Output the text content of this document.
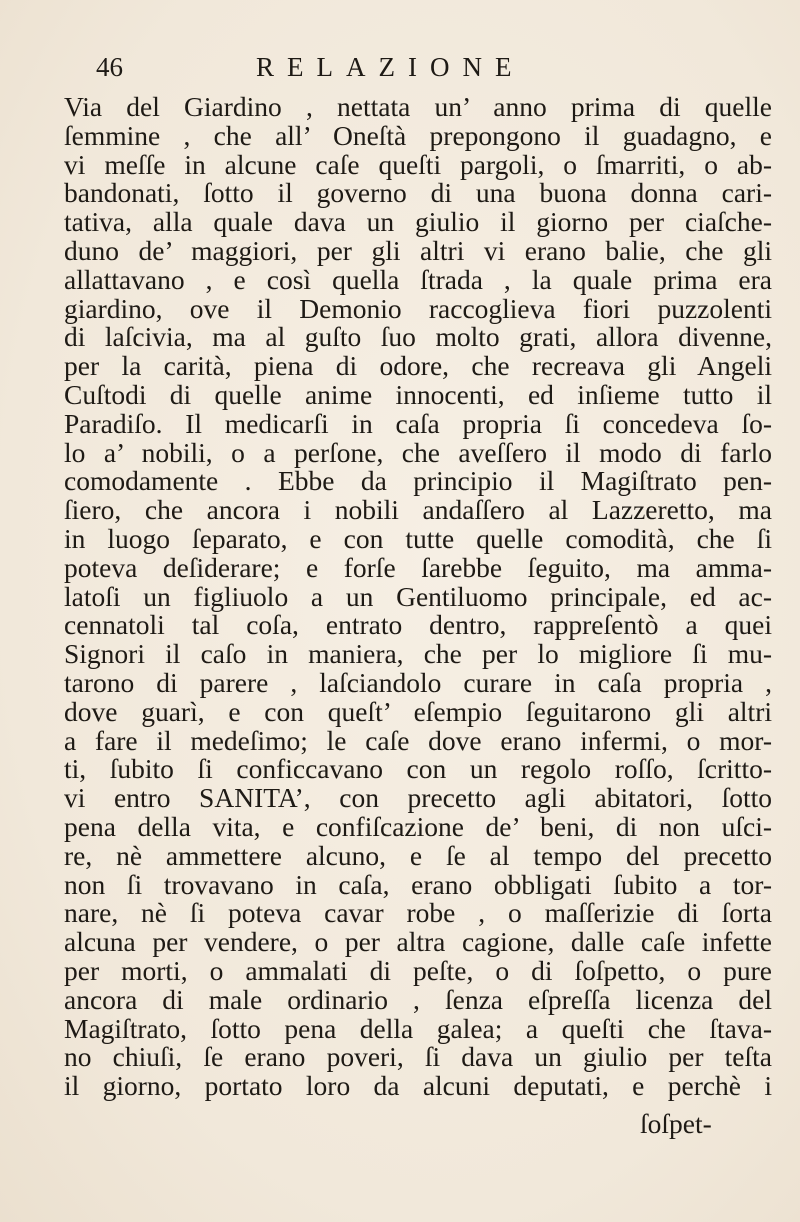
46	RELAZIONE
Via del Giardino , nettata un’ anno prima di quelle
ſemmine , che all’ Oneſtà prepongono il guadagno, e
vi meſſe in alcune caſe queſti pargoli, o ſmarriti, o ab-
bandonati, ſotto il governo di una buona donna cari-
tativa, alla quale dava un giulio il giorno per ciaſche-
duno de’ maggiori, per gli altri vi erano balie, che gli
allattavano , e così quella ſtrada , la quale prima era
giardino, ove il Demonio raccoglieva fiori puzzolenti
di laſcivia, ma al guſto ſuo molto grati, allora divenne,
per la carità, piena di odore, che recreava gli Angeli
Cuſtodi di quelle anime innocenti, ed inſieme tutto il
Paradiſo. Il medicarſi in caſa propria ſi concedeva ſo-
lo a’ nobili, o a perſone, che aveſſero il modo di farlo
comodamente . Ebbe da principio il Magiſtrato pen-
ſiero, che ancora i nobili andaſſero al Lazzeretto, ma
in luogo ſeparato, e con tutte quelle comodità, che ſi
poteva deſiderare; e forſe ſarebbe ſeguito, ma amma-
latoſi un figliuolo a un Gentiluomo principale, ed ac-
cennatoli tal coſa, entrato dentro, rappreſentò a quei
Signori il caſo in maniera, che per lo migliore ſi mu-
tarono di parere , laſciandolo curare in caſa propria ,
dove guarì, e con queſt’ eſempio ſeguitarono gli altri
a fare il medeſimo; le caſe dove erano infermi, o mor-
ti, ſubito ſi conficcavano con un regolo roſſo, ſcritto-
vi entro SANITA’, con precetto agli abitatori, ſotto
pena della vita, e confiſcazione de’ beni, di non uſci-
re, nè ammettere alcuno, e ſe al tempo del precetto
non ſi trovavano in caſa, erano obbligati ſubito a tor-
nare, nè ſi poteva cavar robe , o maſſerizie di ſorta
alcuna per vendere, o per altra cagione, dalle caſe infette
per morti, o ammalati di peſte, o di ſoſpetto, o pure
ancora di male ordinario , ſenza eſpreſſa licenza del
Magiſtrato, ſotto pena della galea; a queſti che ſtava-
no chiuſi, ſe erano poveri, ſi dava un giulio per teſta
il giorno, portato loro da alcuni deputati, e perchè i
ſoſpet-
